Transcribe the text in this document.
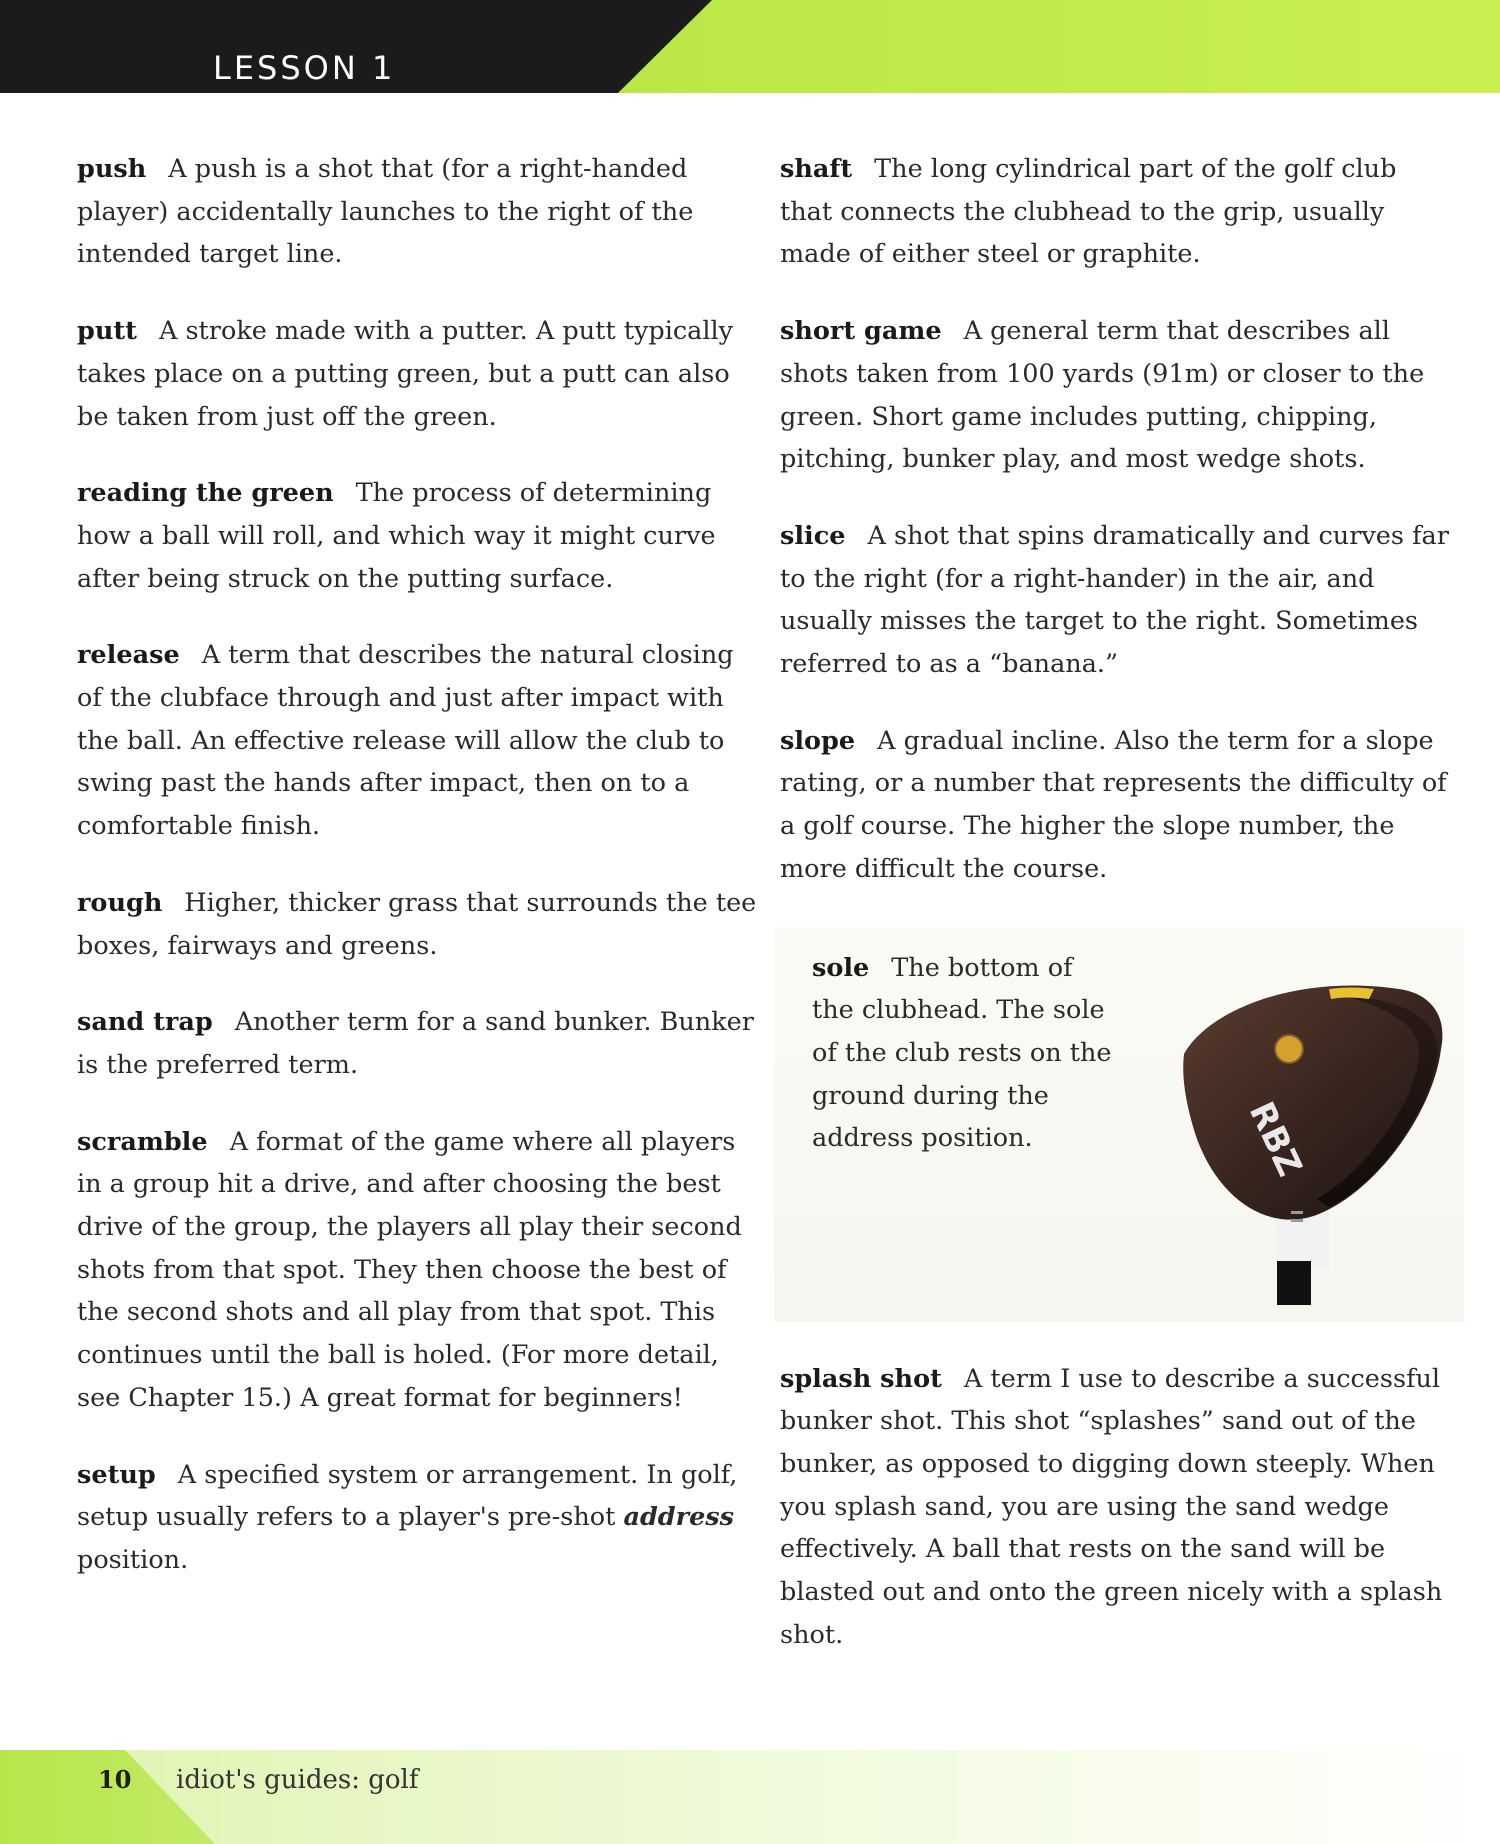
LESSON 1

push A push is a shot that (for a right-handed player) accidentally launches to the right of the intended target line.

putt A stroke made with a putter. A putt typically takes place on a putting green, but a putt can also be taken from just off the green.

reading the green The process of determining how a ball will roll, and which way it might curve after being struck on the putting surface.

release A term that describes the natural closing of the clubface through and just after impact with the ball. An effective release will allow the club to swing past the hands after impact, then on to a comfortable finish.

rough Higher, thicker grass that surrounds the tee boxes, fairways and greens.

sand trap Another term for a sand bunker. Bunker is the preferred term.

scramble A format of the game where all players in a group hit a drive, and after choosing the best drive of the group, the players all play their second shots from that spot. They then choose the best of the second shots and all play from that spot. This continues until the ball is holed. (For more detail, see Chapter 15.) A great format for beginners!

setup A specified system or arrangement. In golf, setup usually refers to a player's pre-shot address position.

shaft The long cylindrical part of the golf club that connects the clubhead to the grip, usually made of either steel or graphite.

short game A general term that describes all shots taken from 100 yards (91m) or closer to the green. Short game includes putting, chipping, pitching, bunker play, and most wedge shots.

slice A shot that spins dramatically and curves far to the right (for a right-hander) in the air, and usually misses the target to the right. Sometimes referred to as a “banana.”

slope A gradual incline. Also the term for a slope rating, or a number that represents the difficulty of a golf course. The higher the slope number, the more difficult the course.

sole The bottom of the clubhead. The sole of the club rests on the ground during the address position.	RBZ

splash shot A term I use to describe a successful bunker shot. This shot “splashes” sand out of the bunker, as opposed to digging down steeply. When you splash sand, you are using the sand wedge effectively. A ball that rests on the sand will be blasted out and onto the green nicely with a splash shot.

10 idiot's guides: golf
